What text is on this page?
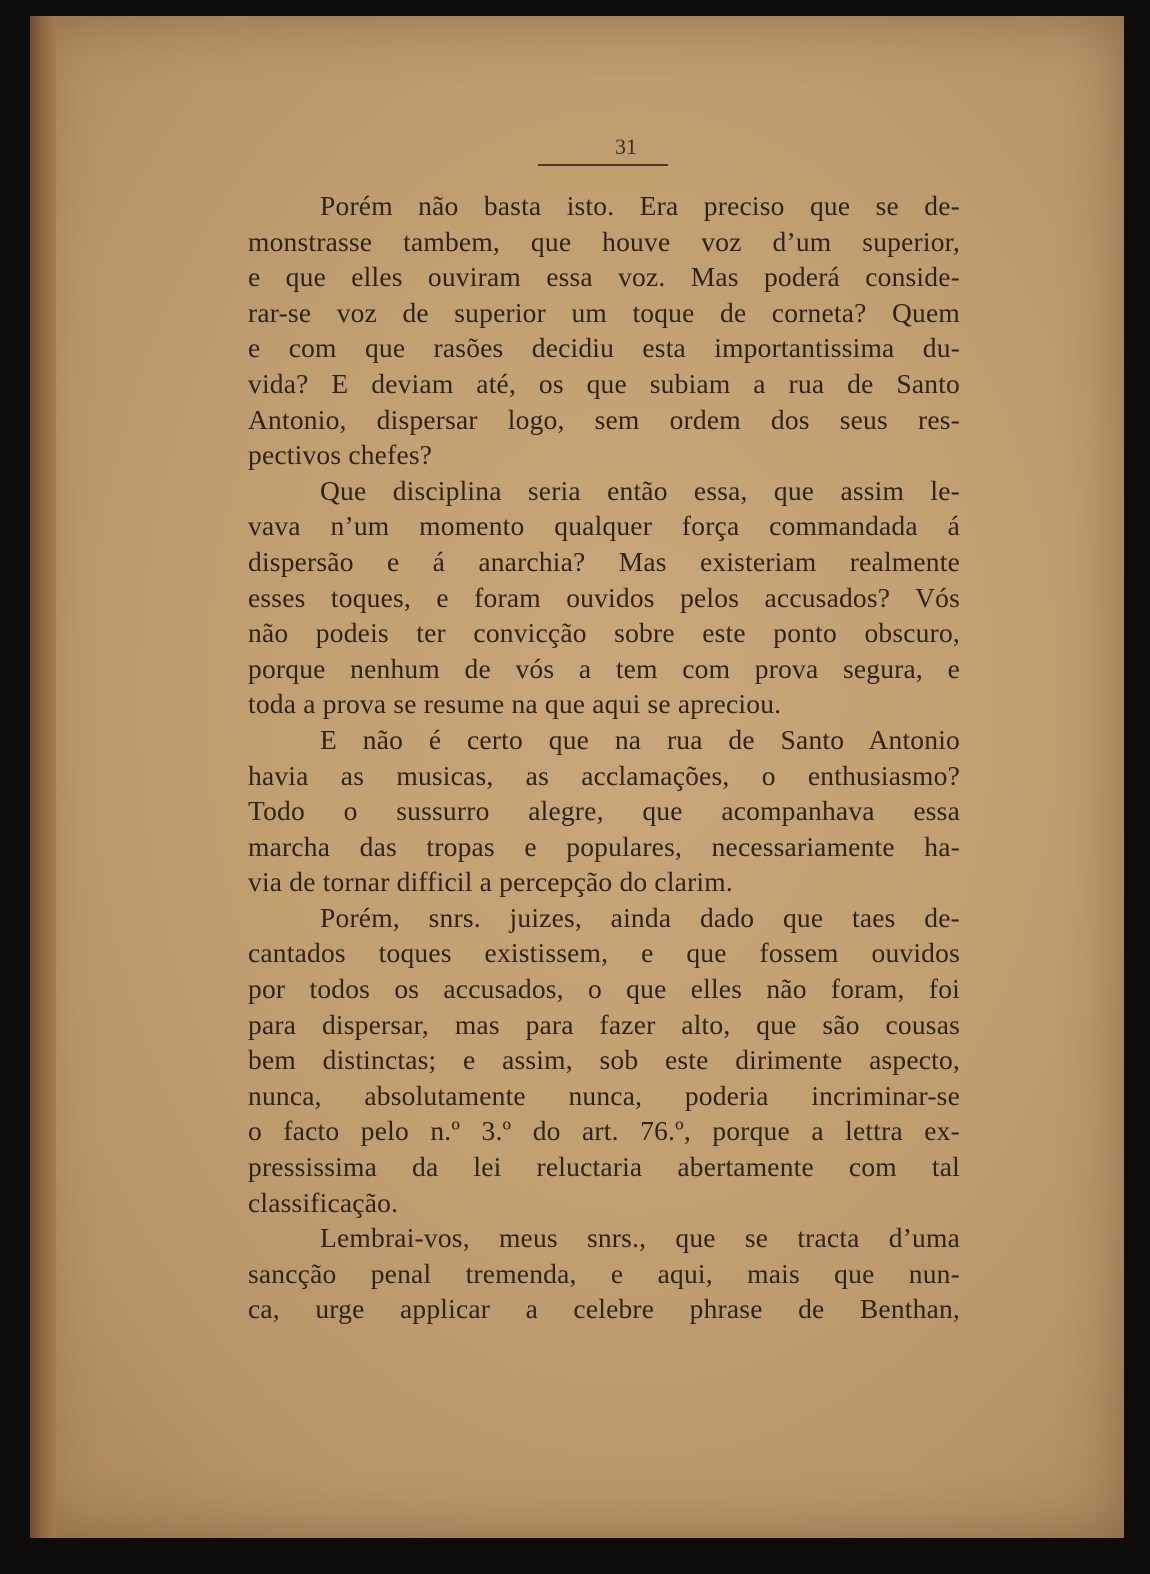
31
Porém não basta isto. Era preciso que se de-
monstrasse tambem, que houve voz d’um superior,
e que elles ouviram essa voz. Mas poderá conside-
rar-se voz de superior um toque de corneta? Quem
e com que rasões decidiu esta importantissima du-
vida? E deviam até, os que subiam a rua de Santo
Antonio, dispersar logo, sem ordem dos seus res-
pectivos chefes?
Que disciplina seria então essa, que assim le-
vava n’um momento qualquer força commandada á
dispersão e á anarchia? Mas existeriam realmente
esses toques, e foram ouvidos pelos accusados? Vós
não podeis ter convicção sobre este ponto obscuro,
porque nenhum de vós a tem com prova segura, e
toda a prova se resume na que aqui se apreciou.
E não é certo que na rua de Santo Antonio
havia as musicas, as acclamações, o enthusiasmo?
Todo o sussurro alegre, que acompanhava essa
marcha das tropas e populares, necessariamente ha-
via de tornar difficil a percepção do clarim.
Porém, snrs. juizes, ainda dado que taes de-
cantados toques existissem, e que fossem ouvidos
por todos os accusados, o que elles não foram, foi
para dispersar, mas para fazer alto, que são cousas
bem distinctas; e assim, sob este dirimente aspecto,
nunca, absolutamente nunca, poderia incriminar-se
o facto pelo n.º 3.º do art. 76.º, porque a lettra ex-
pressissima da lei reluctaria abertamente com tal
classificação.
Lembrai-vos, meus snrs., que se tracta d’uma
sancção penal tremenda, e aqui, mais que nun-
ca, urge applicar a celebre phrase de Benthan,
